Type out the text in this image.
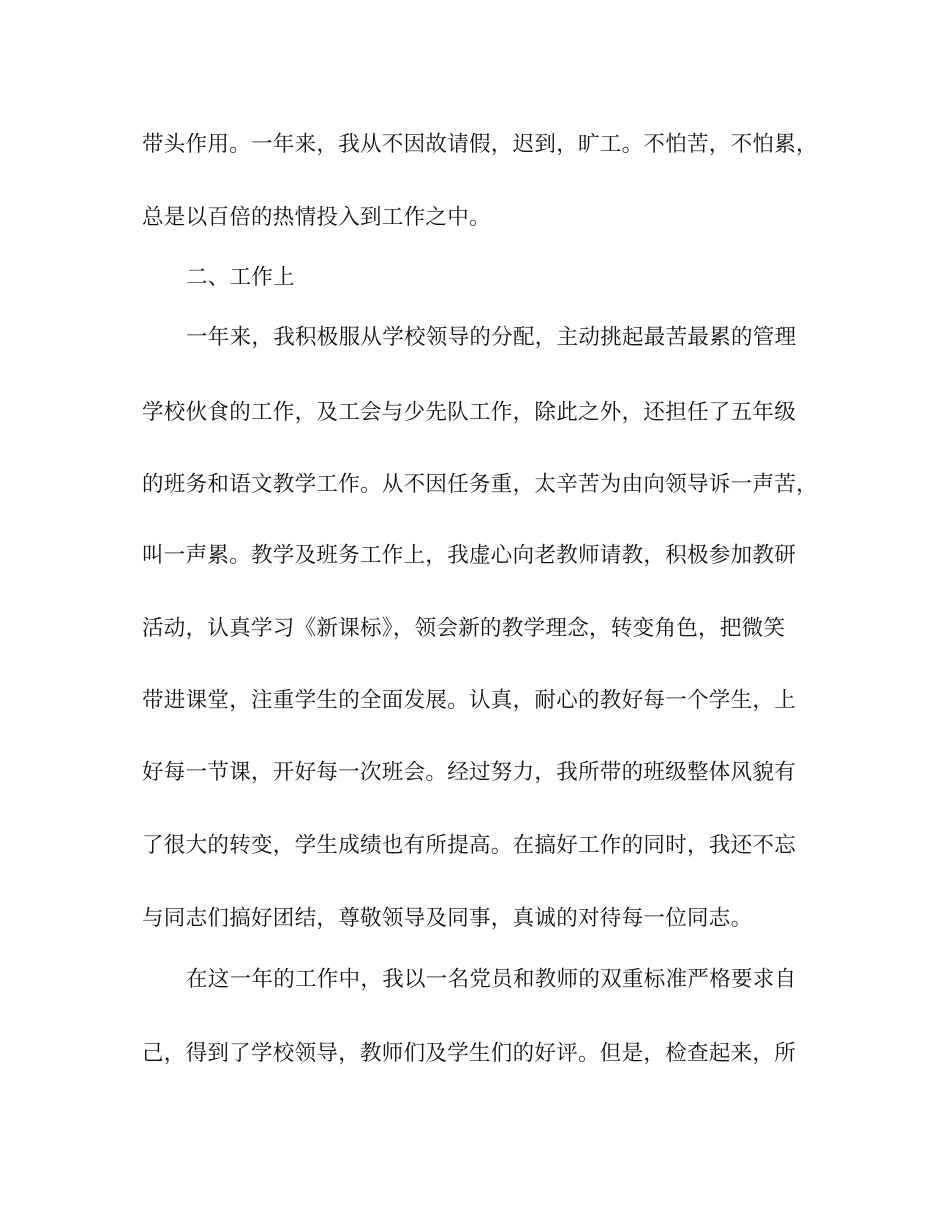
带头作用。一年来，我从不因故请假，迟到，旷工。不怕苦，不怕累，
总是以百倍的热情投入到工作之中。
二、工作上
一年来，我积极服从学校领导的分配，主动挑起最苦最累的管理
学校伙食的工作，及工会与少先队工作，除此之外，还担任了五年级
的班务和语文教学工作。从不因任务重，太辛苦为由向领导诉一声苦，
叫一声累。教学及班务工作上，我虚心向老教师请教，积极参加教研
活动，认真学习《新课标》，领会新的教学理念，转变角色，把微笑
带进课堂，注重学生的全面发展。认真，耐心的教好每一个学生，上
好每一节课，开好每一次班会。经过努力，我所带的班级整体风貌有
了很大的转变，学生成绩也有所提高。在搞好工作的同时，我还不忘
与同志们搞好团结，尊敬领导及同事，真诚的对待每一位同志。
在这一年的工作中，我以一名党员和教师的双重标准严格要求自
己，得到了学校领导，教师们及学生们的好评。但是，检查起来，所
